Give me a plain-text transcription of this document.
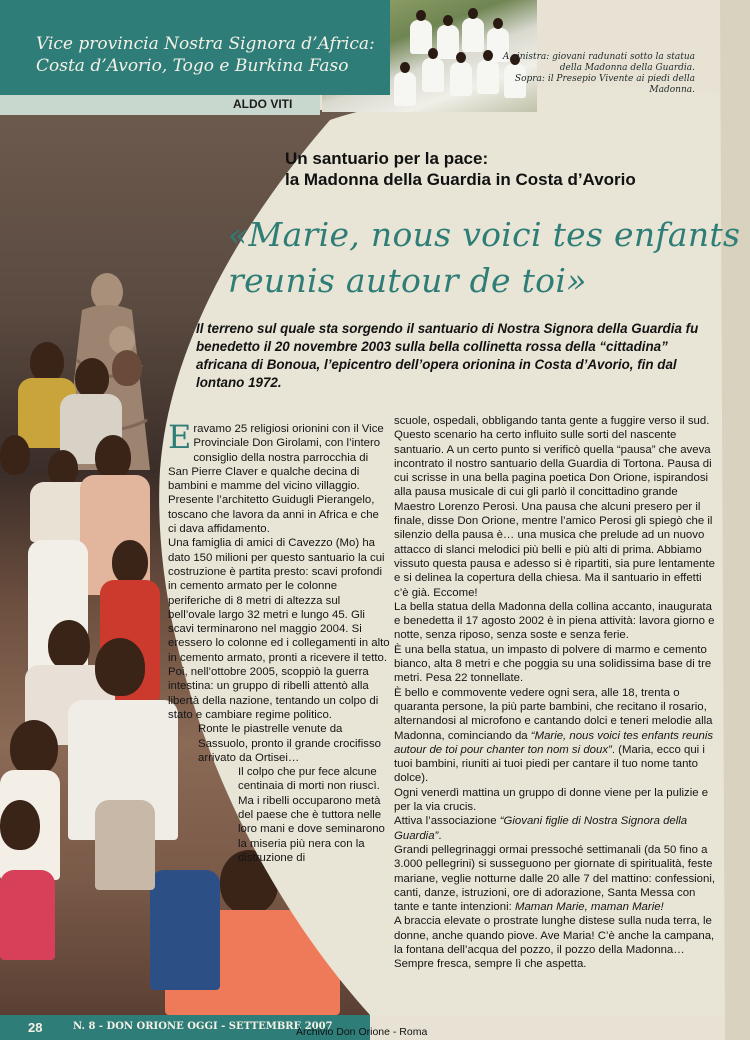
A sinistra: giovani radunati sotto la statua
della Madonna della Guardia.
Sopra: il Presepio Vivente ai piedi della Madonna.
Vice provincia Nostra Signora d’Africa:
Costa d’Avorio, Togo e Burkina Faso
ALDO VITI
Un santuario per la pace:
la Madonna della Guardia in Costa d’Avorio
«Marie, nous voici tes enfants
reunis autour de toi»
Il terreno sul quale sta sorgendo il santuario di Nostra Signora della Guardia fu benedetto il 20 novembre 2003 sulla bella collinetta rossa della “cittadina” africana di Bonoua, l’epicentro dell’opera orionina in Costa d’Avorio, fin dal lontano 1972.

Eravamo 25 religiosi orionini con il Vice Provinciale Don Girolami, con l’intero consiglio della nostra parrocchia di San Pierre Claver e qualche decina di bambini e mamme del vicino villaggio. Presente l’architetto Guidugli Pierangelo, toscano che lavora da anni in Africa e che ci dava affidamento.

Una famiglia di amici di Cavezzo (Mo) ha dato 150 milioni per questo santuario la cui costruzione è partita presto: scavi profondi in cemento armato per le colonne periferiche di 8 metri di altezza sul bell’ovale largo 32 metri e lungo 45. Gli scavi terminarono nel maggio 2004. Si eressero lo colonne ed i collegamenti in alto in cemento armato, pronti a ricevere il tetto. Poi, nell’ottobre 2005, scoppiò la guerra intestina: un gruppo di ribelli attentò alla libertà della nazione, tentando un colpo di stato e cambiare regime politico.

Ronte le piastrelle venute da Sassuolo, pronto il grande crocifisso arrivato da Ortisei…

Il colpo che pur fece alcune centinaia di morti non riuscì. Ma i ribelli occuparono metà del paese che è tuttora nelle loro mani e dove seminarono la miseria più nera con la distruzione di

scuole, ospedali, obbligando tanta gente a fuggire verso il sud.

Questo scenario ha certo influito sulle sorti del nascente santuario. A un certo punto si verificò quella “pausa” che aveva incontrato il nostro santuario della Guardia di Tortona. Pausa di cui scrisse in una bella pagina poetica Don Orione, ispirandosi alla pausa musicale di cui gli parlò il concittadino grande Maestro Lorenzo Perosi. Una pausa che alcuni presero per il finale, disse Don Orione, mentre l’amico Perosi gli spiegò che il silenzio della pausa è… una musica che prelude ad un nuovo attacco di slanci melodici più belli e più alti di prima. Abbiamo vissuto questa pausa e adesso si è ripartiti, sia pure lentamente e si delinea la copertura della chiesa. Ma il santuario in effetti c’è già. Eccome!

La bella statua della Madonna della collina accanto, inaugurata e benedetta il 17 agosto 2002 è in piena attività: lavora giorno e notte, senza riposo, senza soste e senza ferie.

È una bella statua, un impasto di polvere di marmo e cemento bianco, alta 8 metri e che poggia su una solidissima base di tre metri. Pesa 22 tonnellate.

È bello e commovente vedere ogni sera, alle 18, trenta o quaranta persone, la più parte bambini, che recitano il rosario, alternandosi al microfono e cantando dolci e teneri melodie alla Madonna, cominciando da “Marie, nous voici tes enfants reunis autour de toi pour chanter ton nom si doux”. (Maria, ecco qui i tuoi bambini, riuniti ai tuoi piedi per cantare il tuo nome tanto dolce).

Ogni venerdì mattina un gruppo di donne viene per la pulizie e per la via crucis.

Attiva l’associazione “Giovani figlie di Nostra Signora della Guardia”.

Grandi pellegrinaggi ormai pressoché settimanali (da 50 fino a 3.000 pellegrini) si susseguono per giornate di spiritualità, feste mariane, veglie notturne dalle 20 alle 7 del mattino: confessioni, canti, danze, istruzioni, ore di adorazione, Santa Messa con tante e tante intenzioni: Maman Marie, maman Marie!

A braccia elevate o prostrate lunghe distese sulla nuda terra, le donne, anche quando piove. Ave Maria! C’è anche la campana, la fontana dell’acqua del pozzo, il pozzo della Madonna… Sempre fresca, sempre lì che aspetta.

28	N. 8 - DON ORIONE OGGI - SETTEMBRE 2007
Archivio Don Orione - Roma
